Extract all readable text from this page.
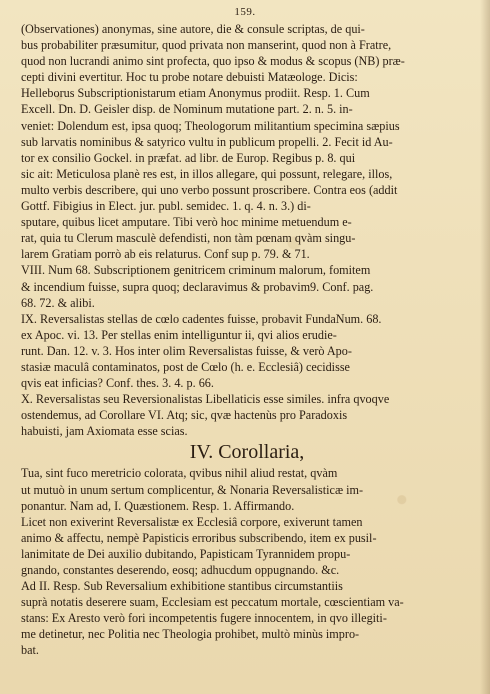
159.
(Observationes) anonymas, sine autore, die & consule scriptas, de qui-
bus probabiliter præsumitur, quod privata non manserint, quod non à Fratre,
quod non lucrandi animo sint profecta, quo ipso & modus & scopus (NB) præ-
cepti divini evertitur. Hoc tu probe notare debuisti Matæologe. Dicis:
Helleborus Subscriptionistarum etiam Anonymus prodiit. Resp. 1. Cum
Excell. Dn. D. Geisler disp. de Nominum mutatione part. 2. n. 5. in-
veniet: Dolendum est, ipsa quoq; Theologorum militantium specimina sæpius
sub larvatis nominibus & satyrico vultu in publicum propelli. 2. Fecit id Au-
tor ex consilio Gockel. in præfat. ad libr. de Europ. Regibus p. 8. qui
sic ait: Meticulosa planè res est, in illos allegare, qui possunt, relegare, illos,
multo verbis describere, qui uno verbo possunt proscribere. Contra eos (addit
Gottf. Fibigius in Elect. jur. publ. semidec. 1. q. 4. n. 3.) di-
sputare, quibus licet amputare. Tibi verò hoc minime metuendum e-
rat, quia tu Clerum masculè defendisti, non tàm pœnam qvàm singu-
larem Gratiam porrò ab eis relaturus. Conf sup p. 79. & 71.
VIII. Num 68. Subscriptionem genitricem criminum malorum, fomitem
& incendium fuisse, supra quoq; declaravimus & probavim9. Conf. pag.
68. 72. & alibi.
IX. Reversalistas stellas de cœlo cadentes fuisse, probavit FundaNum. 68.
ex Apoc. vi. 13. Per stellas enim intelliguntur ii, qvi alios erudie-
runt. Dan. 12. v. 3. Hos inter olim Reversalistas fuisse, & verò Apo-
stasiæ maculâ contaminatos, post de Cœlo (h. e. Ecclesiâ) cecidisse
qvis eat inficias? Conf. thes. 3. 4. p. 66.
X. Reversalistas seu Reversionalistas Libellaticis esse similes. infra qvoqve
ostendemus, ad Corollare VI. Atq; sic, qvæ hactenùs pro Paradoxis
habuisti, jam Axiomata esse scias.
IV. Corollaria,
Tua, sint fuco meretricio colorata, qvibus nihil aliud restat, qvàm
ut mutuò in unum sertum complicentur, & Nonaria Reversalisticæ im-
ponantur. Nam ad, I. Quæstionem. Resp. 1. Affirmando.
Licet non exiverint Reversalistæ ex Ecclesiâ corpore, exiverunt tamen
animo & affectu, nempè Papisticis erroribus subscribendo, item ex pusil-
lanimitate de Dei auxilio dubitando, Papisticam Tyrannidem propu-
gnando, constantes deserendo, eosq; adhucdum oppugnando. &c.
Ad II. Resp. Sub Reversalium exhibitione stantibus circumstantiis
suprà notatis deserere suam, Ecclesiam est peccatum mortale, cœscientiam va-
stans: Ex Aresto verò fori incompetentis fugere innocentem, in qvo illegiti-
me detinetur, nec Politia nec Theologia prohibet, multò minùs impro-
bat.
